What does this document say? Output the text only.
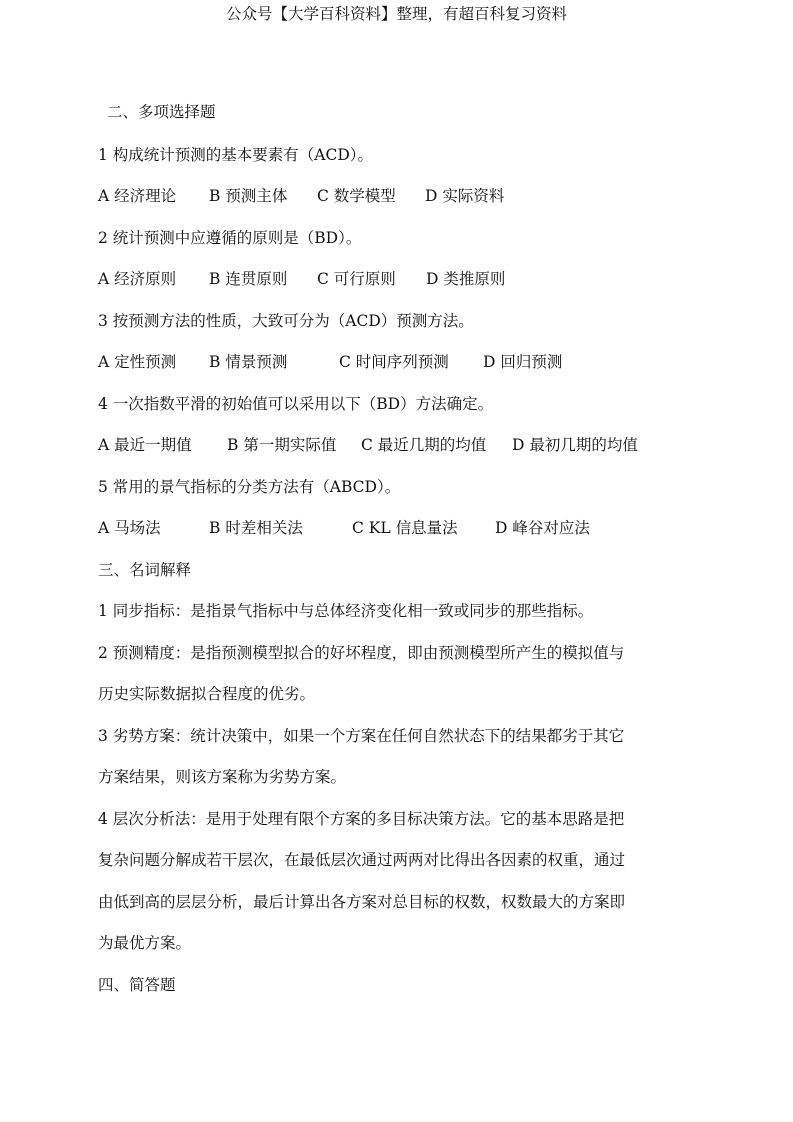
公众号【大学百科资料】整理，有超百科复习资料
二、多项选择题
1 构成统计预测的基本要素有（ACD）。
A 经济理论 B 预测主体 C 数学模型 D 实际资料
2 统计预测中应遵循的原则是（BD）。
A 经济原则 B 连贯原则 C 可行原则 D 类推原则
3 按预测方法的性质，大致可分为（ACD）预测方法。
A 定性预测 B 情景预测	C 时间序列预测 D 回归预测
4 一次指数平滑的初始值可以采用以下（BD）方法确定。
A 最近一期值 B 第一期实际值 C 最近几期的均值 D 最初几期的均值
5 常用的景气指标的分类方法有（ABCD）。
A 马场法	B 时差相关法	C KL 信息量法 D 峰谷对应法
三、名词解释
1 同步指标：是指景气指标中与总体经济变化相一致或同步的那些指标。
2 预测精度：是指预测模型拟合的好坏程度，即由预测模型所产生的模拟值与
历史实际数据拟合程度的优劣。
3 劣势方案：统计决策中，如果一个方案在任何自然状态下的结果都劣于其它
方案结果，则该方案称为劣势方案。
4 层次分析法：是用于处理有限个方案的多目标决策方法。它的基本思路是把
复杂问题分解成若干层次，在最低层次通过两两对比得出各因素的权重，通过
由低到高的层层分析，最后计算出各方案对总目标的权数，权数最大的方案即
为最优方案。
四、简答题
